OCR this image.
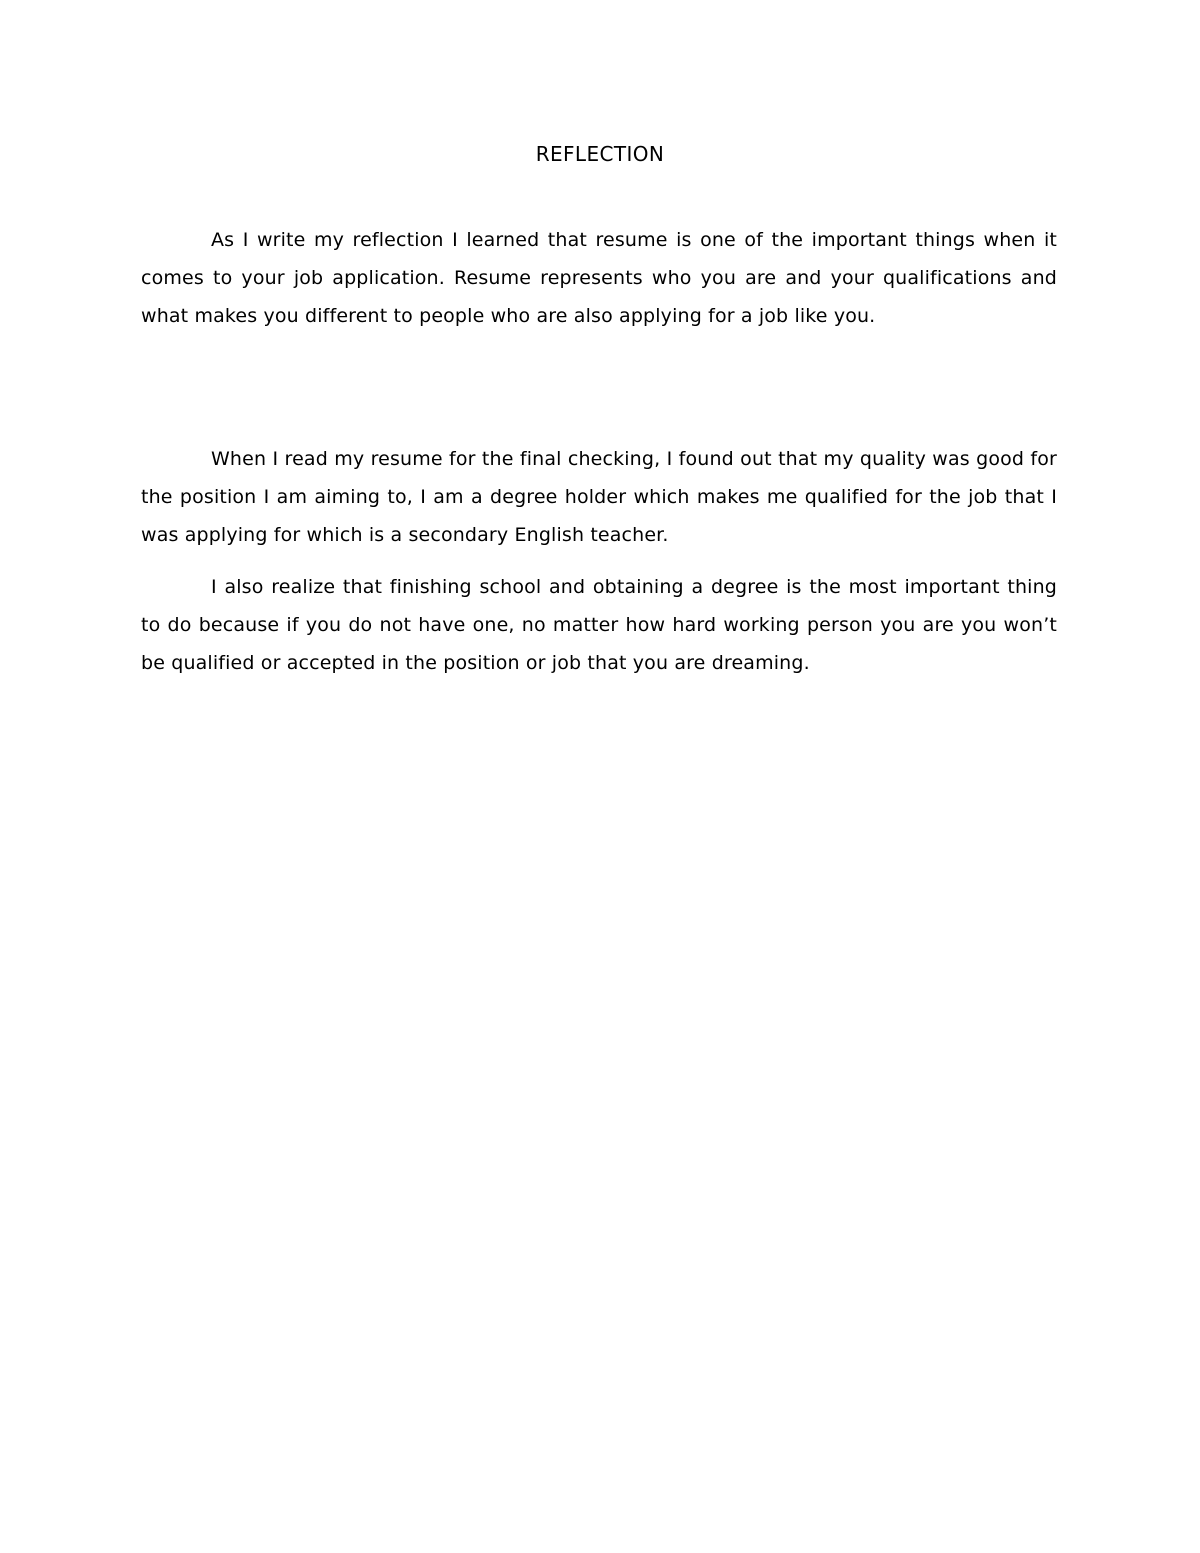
REFLECTION

As I write my reflection I learned that resume is one of the important things when it comes to your job application. Resume represents who you are and your qualifications and what makes you different to people who are also applying for a job like you.

When I read my resume for the final checking, I found out that my quality was good for the position I am aiming to, I am a degree holder which makes me qualified for the job that I was applying for which is a secondary English teacher.

I also realize that finishing school and obtaining a degree is the most important thing to do because if you do not have one, no matter how hard working person you are you won’t be qualified or accepted in the position or job that you are dreaming.
